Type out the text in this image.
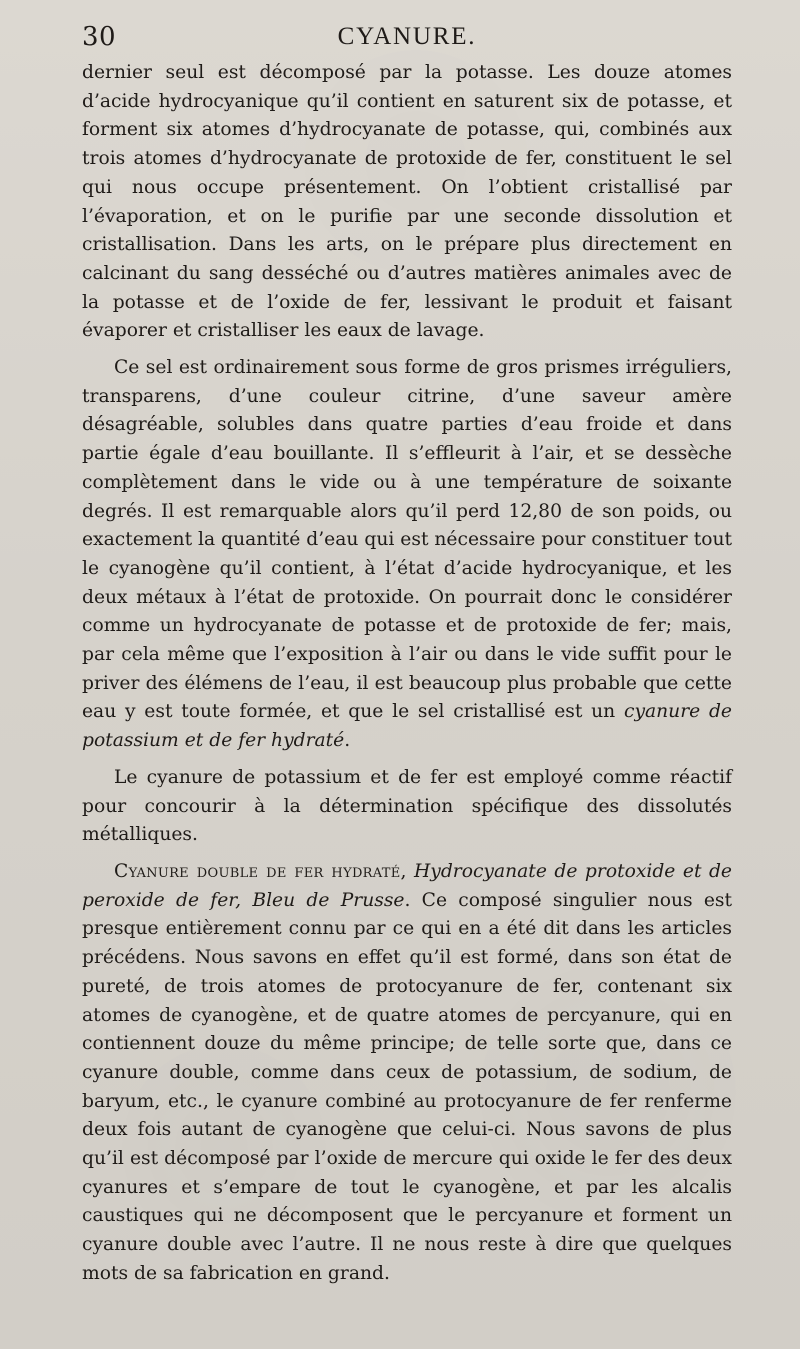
30	CYANURE.

dernier seul est décomposé par la potasse. Les douze atomes d’acide hydrocyanique qu’il contient en saturent six de potasse, et forment six atomes d’hydrocyanate de potasse, qui, combinés aux trois atomes d’hydrocyanate de protoxide de fer, constituent le sel qui nous occupe présentement. On l’obtient cristallisé par l’évaporation, et on le purifie par une seconde dissolution et cristallisation. Dans les arts, on le prépare plus directement en calcinant du sang desséché ou d’autres matières animales avec de la potasse et de l’oxide de fer, lessivant le produit et faisant évaporer et cristalliser les eaux de lavage.

Ce sel est ordinairement sous forme de gros prismes irréguliers, transparens, d’une couleur citrine, d’une saveur amère désagréable, solubles dans quatre parties d’eau froide et dans partie égale d’eau bouillante. Il s’effleurit à l’air, et se dessèche complètement dans le vide ou à une température de soixante degrés. Il est remarquable alors qu’il perd 12,80 de son poids, ou exactement la quantité d’eau qui est nécessaire pour constituer tout le cyanogène qu’il contient, à l’état d’acide hydrocyanique, et les deux métaux à l’état de protoxide. On pourrait donc le considérer comme un hydrocyanate de potasse et de protoxide de fer; mais, par cela même que l’exposition à l’air ou dans le vide suffit pour le priver des élémens de l’eau, il est beaucoup plus probable que cette eau y est toute formée, et que le sel cristallisé est un cyanure de potassium et de fer hydraté.

Le cyanure de potassium et de fer est employé comme réactif pour concourir à la détermination spécifique des dissolutés métalliques.

Cyanure double de fer hydraté, Hydrocyanate de protoxide et de peroxide de fer, Bleu de Prusse. Ce composé singulier nous est presque entièrement connu par ce qui en a été dit dans les articles précédens. Nous savons en effet qu’il est formé, dans son état de pureté, de trois atomes de protocyanure de fer, contenant six atomes de cyanogène, et de quatre atomes de percyanure, qui en contiennent douze du même principe; de telle sorte que, dans ce cyanure double, comme dans ceux de potassium, de sodium, de baryum, etc., le cyanure combiné au protocyanure de fer renferme deux fois autant de cyanogène que celui-ci. Nous savons de plus qu’il est décomposé par l’oxide de mercure qui oxide le fer des deux cyanures et s’empare de tout le cyanogène, et par les alcalis caustiques qui ne décomposent que le percyanure et forment un cyanure double avec l’autre. Il ne nous reste à dire que quelques mots de sa fabrication en grand.
